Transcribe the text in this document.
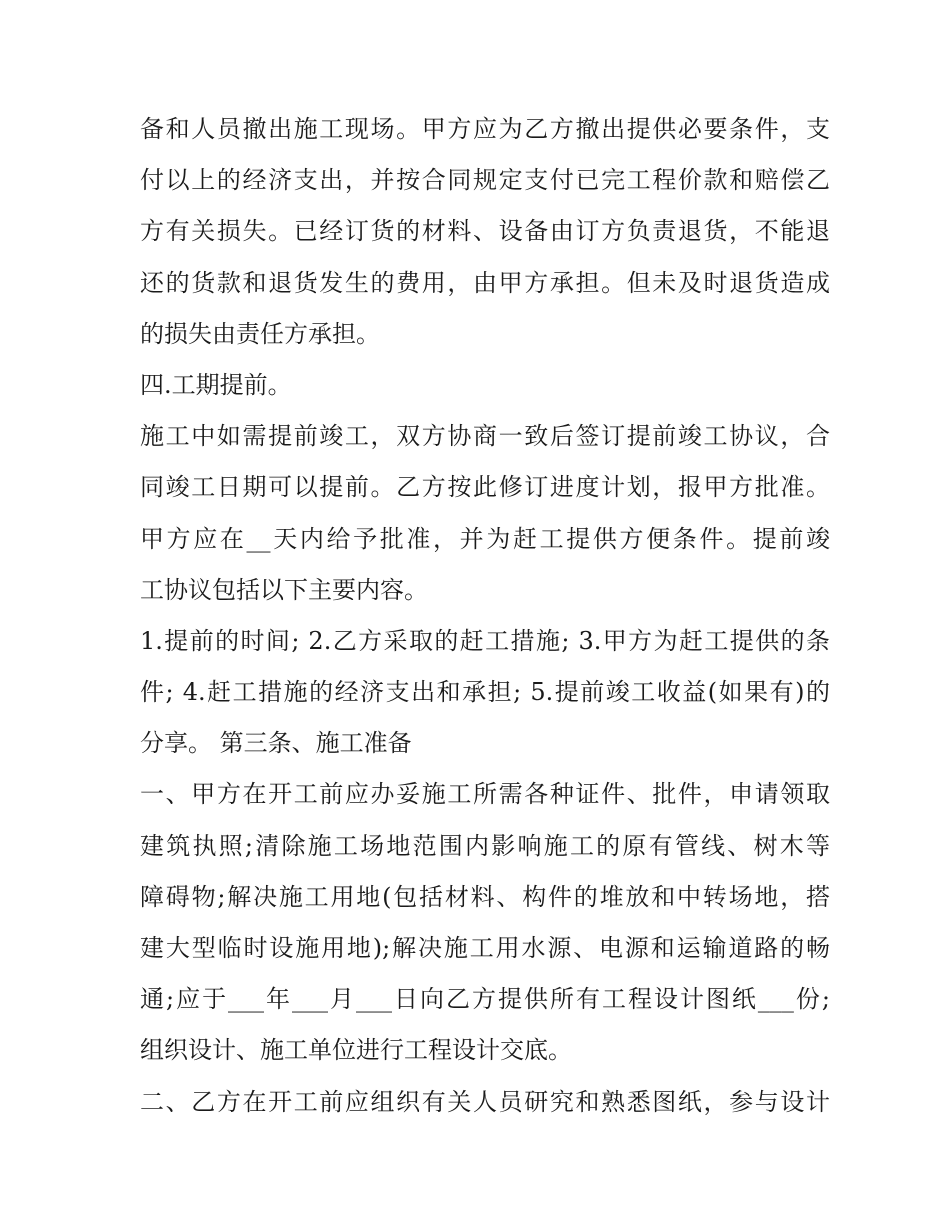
备和人员撤出施工现场。甲方应为乙方撤出提供必要条件，支
付以上的经济支出，并按合同规定支付已完工程价款和赔偿乙
方有关损失。已经订货的材料、设备由订方负责退货，不能退
还的货款和退货发生的费用，由甲方承担。但未及时退货造成
的损失由责任方承担。
四.工期提前。
施工中如需提前竣工，双方协商一致后签订提前竣工协议，合
同竣工日期可以提前。乙方按此修订进度计划，报甲方批准。
甲方应在__天内给予批准，并为赶工提供方便条件。提前竣
工协议包括以下主要内容。
1.提前的时间; 2.乙方采取的赶工措施; 3.甲方为赶工提供的条
件; 4.赶工措施的经济支出和承担; 5.提前竣工收益(如果有)的
分享。 第三条、施工准备
一、甲方在开工前应办妥施工所需各种证件、批件，申请领取
建筑执照;清除施工场地范围内影响施工的原有管线、树木等
障碍物;解决施工用地(包括材料、构件的堆放和中转场地，搭
建大型临时设施用地);解决施工用水源、电源和运输道路的畅
通;应于___年___月___日向乙方提供所有工程设计图纸___份;
组织设计、施工单位进行工程设计交底。
二、乙方在开工前应组织有关人员研究和熟悉图纸，参与设计
